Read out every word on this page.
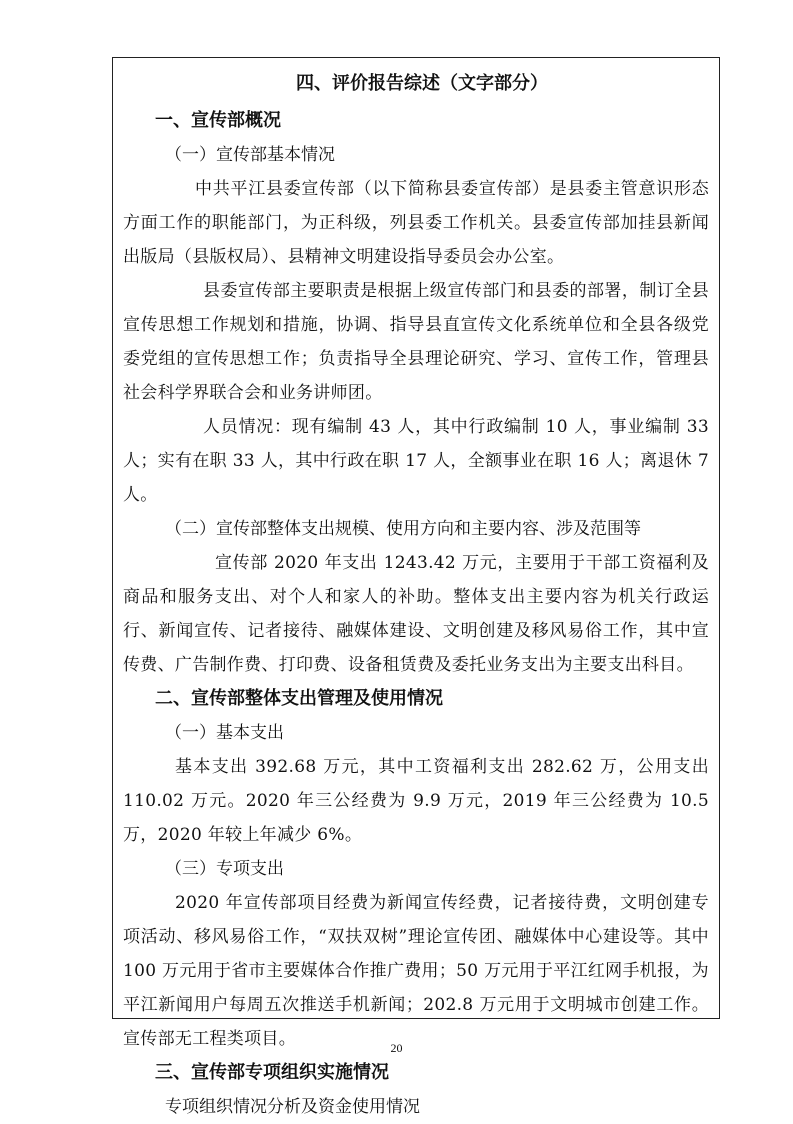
四、评价报告综述（文字部分）
一、宣传部概况
（一）宣传部基本情况
中共平江县委宣传部（以下简称县委宣传部）是县委主管意识形态方面工作的职能部门，为正科级，列县委工作机关。县委宣传部加挂县新闻出版局（县版权局）、县精神文明建设指导委员会办公室。
县委宣传部主要职责是根据上级宣传部门和县委的部署，制订全县宣传思想工作规划和措施，协调、指导县直宣传文化系统单位和全县各级党委党组的宣传思想工作；负责指导全县理论研究、学习、宣传工作，管理县社会科学界联合会和业务讲师团。
人员情况：现有编制 43 人，其中行政编制 10 人，事业编制 33 人；实有在职 33 人，其中行政在职 17 人，全额事业在职 16 人；离退休 7 人。
（二）宣传部整体支出规模、使用方向和主要内容、涉及范围等
宣传部 2020 年支出 1243.42 万元，主要用于干部工资福利及商品和服务支出、对个人和家人的补助。整体支出主要内容为机关行政运行、新闻宣传、记者接待、融媒体建设、文明创建及移风易俗工作，其中宣传费、广告制作费、打印费、设备租赁费及委托业务支出为主要支出科目。
二、宣传部整体支出管理及使用情况
（一）基本支出
基本支出 392.68 万元，其中工资福利支出 282.62 万，公用支出 110.02 万元。2020 年三公经费为 9.9 万元，2019 年三公经费为 10.5 万，2020 年较上年减少 6%。
（三）专项支出
2020 年宣传部项目经费为新闻宣传经费，记者接待费，文明创建专项活动、移风易俗工作，“双扶双树”理论宣传团、融媒体中心建设等。其中 100 万元用于省市主要媒体合作推广费用；50 万元用于平江红网手机报，为平江新闻用户每周五次推送手机新闻；202.8 万元用于文明城市创建工作。宣传部无工程类项目。
三、宣传部专项组织实施情况
专项组织情况分析及资金使用情况
20
